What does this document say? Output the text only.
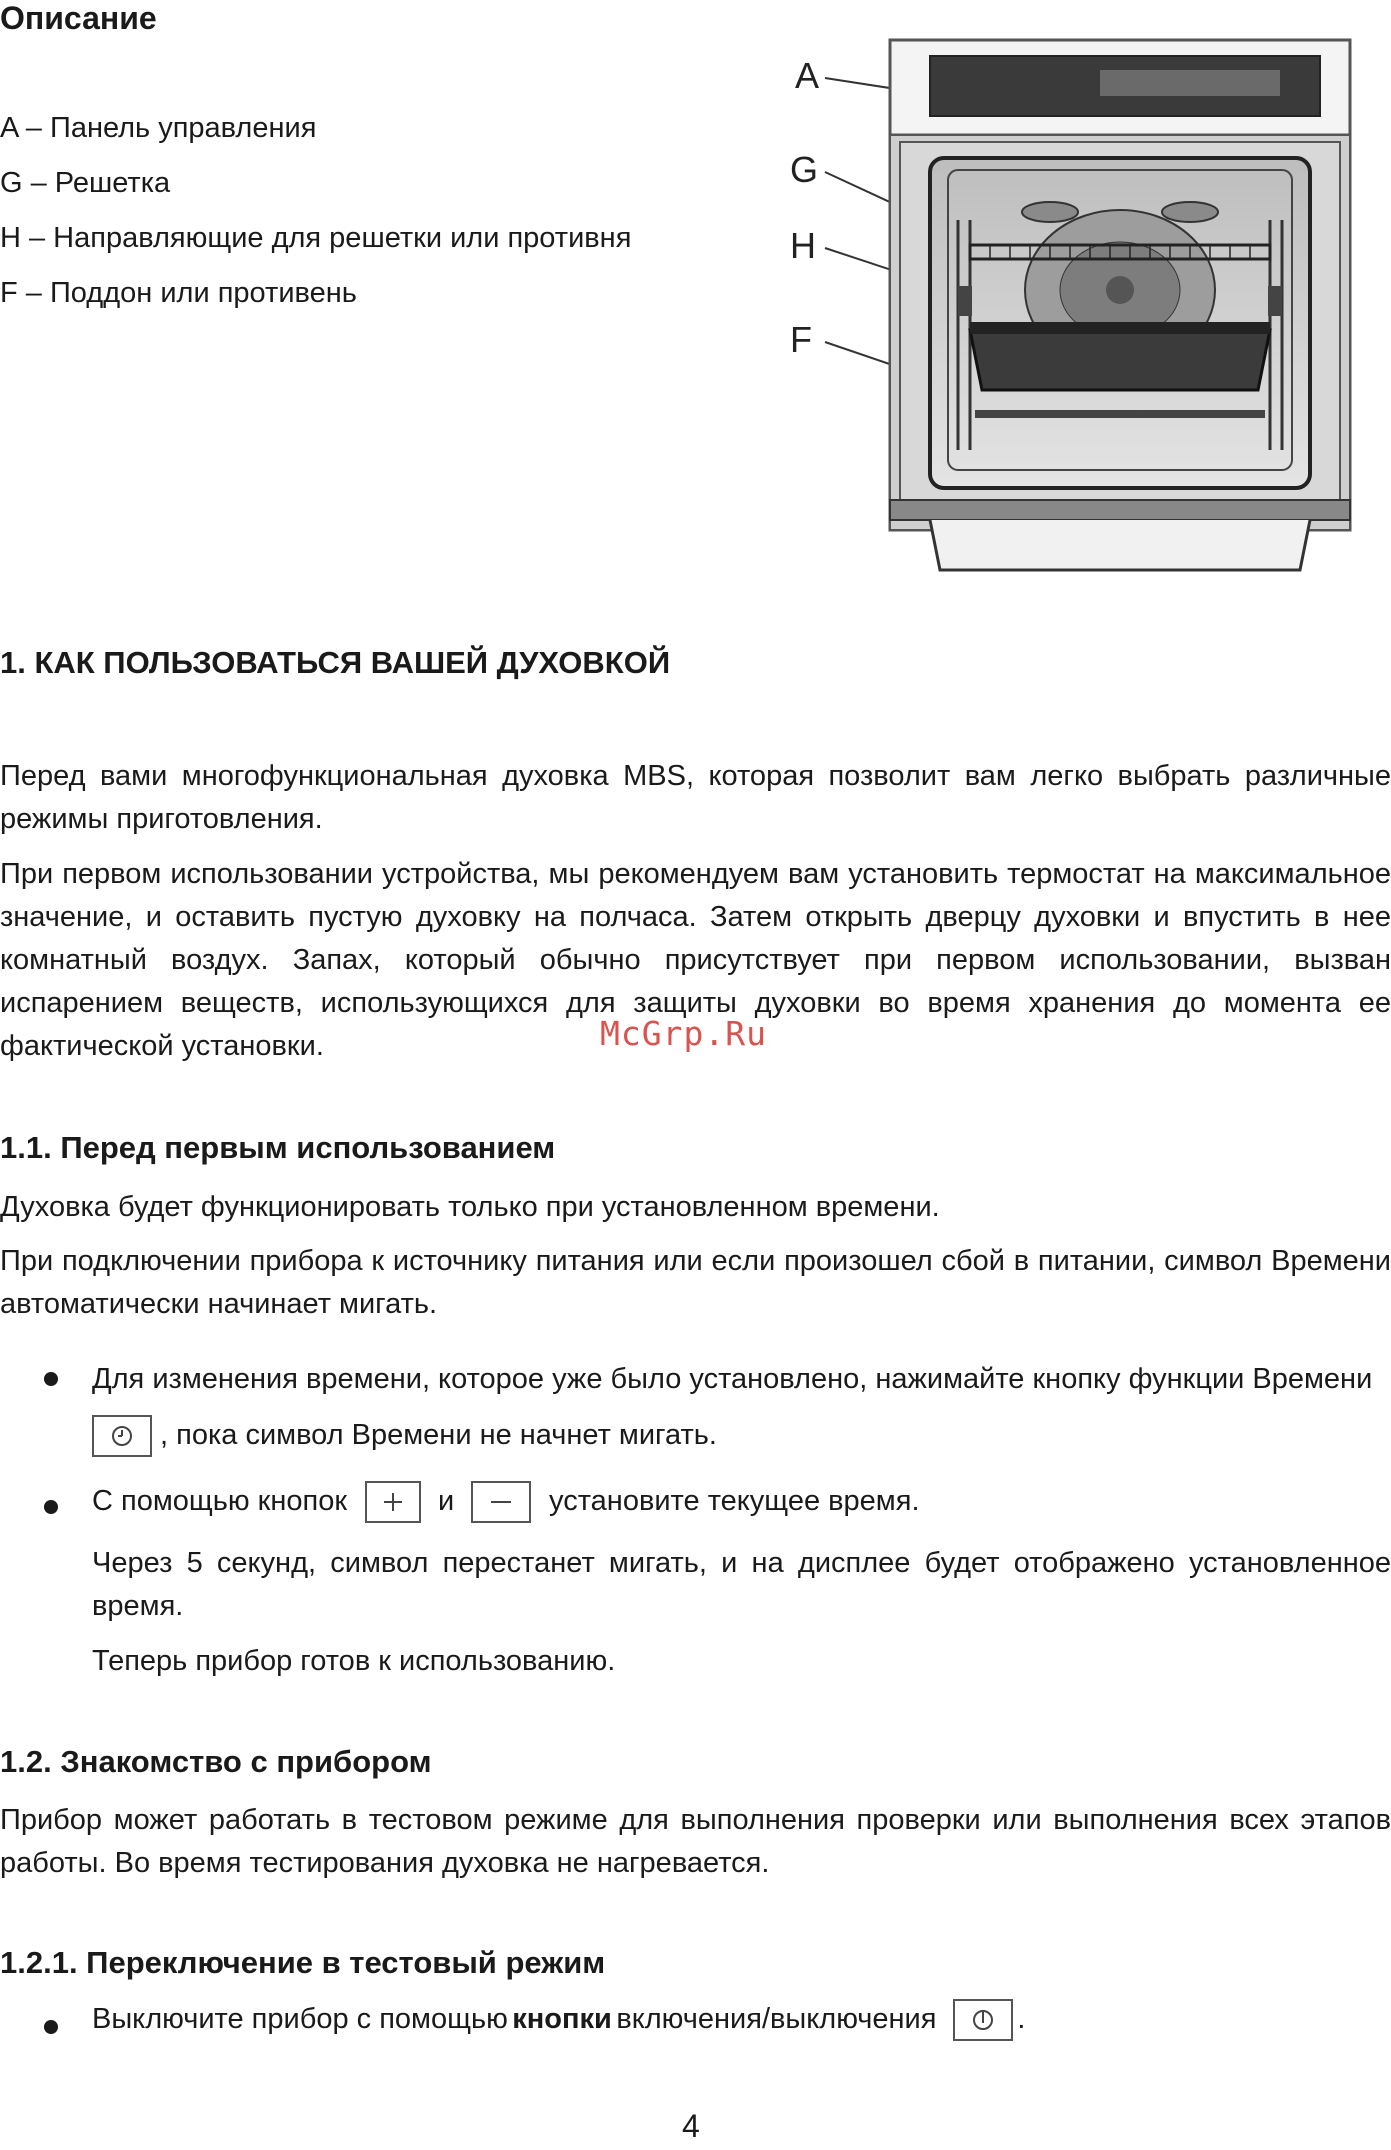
Описание
A – Панель управления
G – Решетка
H – Направляющие для решетки или противня
F – Поддон или противень
A
G
H
F
1. КАК ПОЛЬЗОВАТЬСЯ ВАШЕЙ ДУХОВКОЙ
Перед вами многофункциональная духовка MBS, которая позволит вам легко выбрать различные режимы приготовления.
При первом использовании устройства, мы рекомендуем вам установить термостат на максимальное значение, и оставить пустую духовку на полчаса. Затем открыть дверцу духовки и впустить в нее комнатный воздух. Запах, который обычно присутствует при первом использовании, вызван испарением веществ, использующихся для защиты духовки во время хранения до момента ее фактической установки.	McGrp.Ru
1.1. Перед первым использованием
Духовка будет функционировать только при установленном времени.
При подключении прибора к источнику питания или если произошел сбой в питании, символ Времени автоматически начинает мигать.
Для изменения времени, которое уже было установлено, нажимайте кнопку функции Времени
, пока символ Времени не начнет мигать.
С помощью кнопок	и	установите текущее время.
Через 5 секунд, символ перестанет мигать, и на дисплее будет отображено установленное время.
Теперь прибор готов к использованию.
1.2. Знакомство с прибором
Прибор может работать в тестовом режиме для выполнения проверки или выполнения всех этапов работы. Во время тестирования духовка не нагревается.
1.2.1. Переключение в тестовый режим
Выключите прибор с помощью кнопки включения/выключения	.
4
